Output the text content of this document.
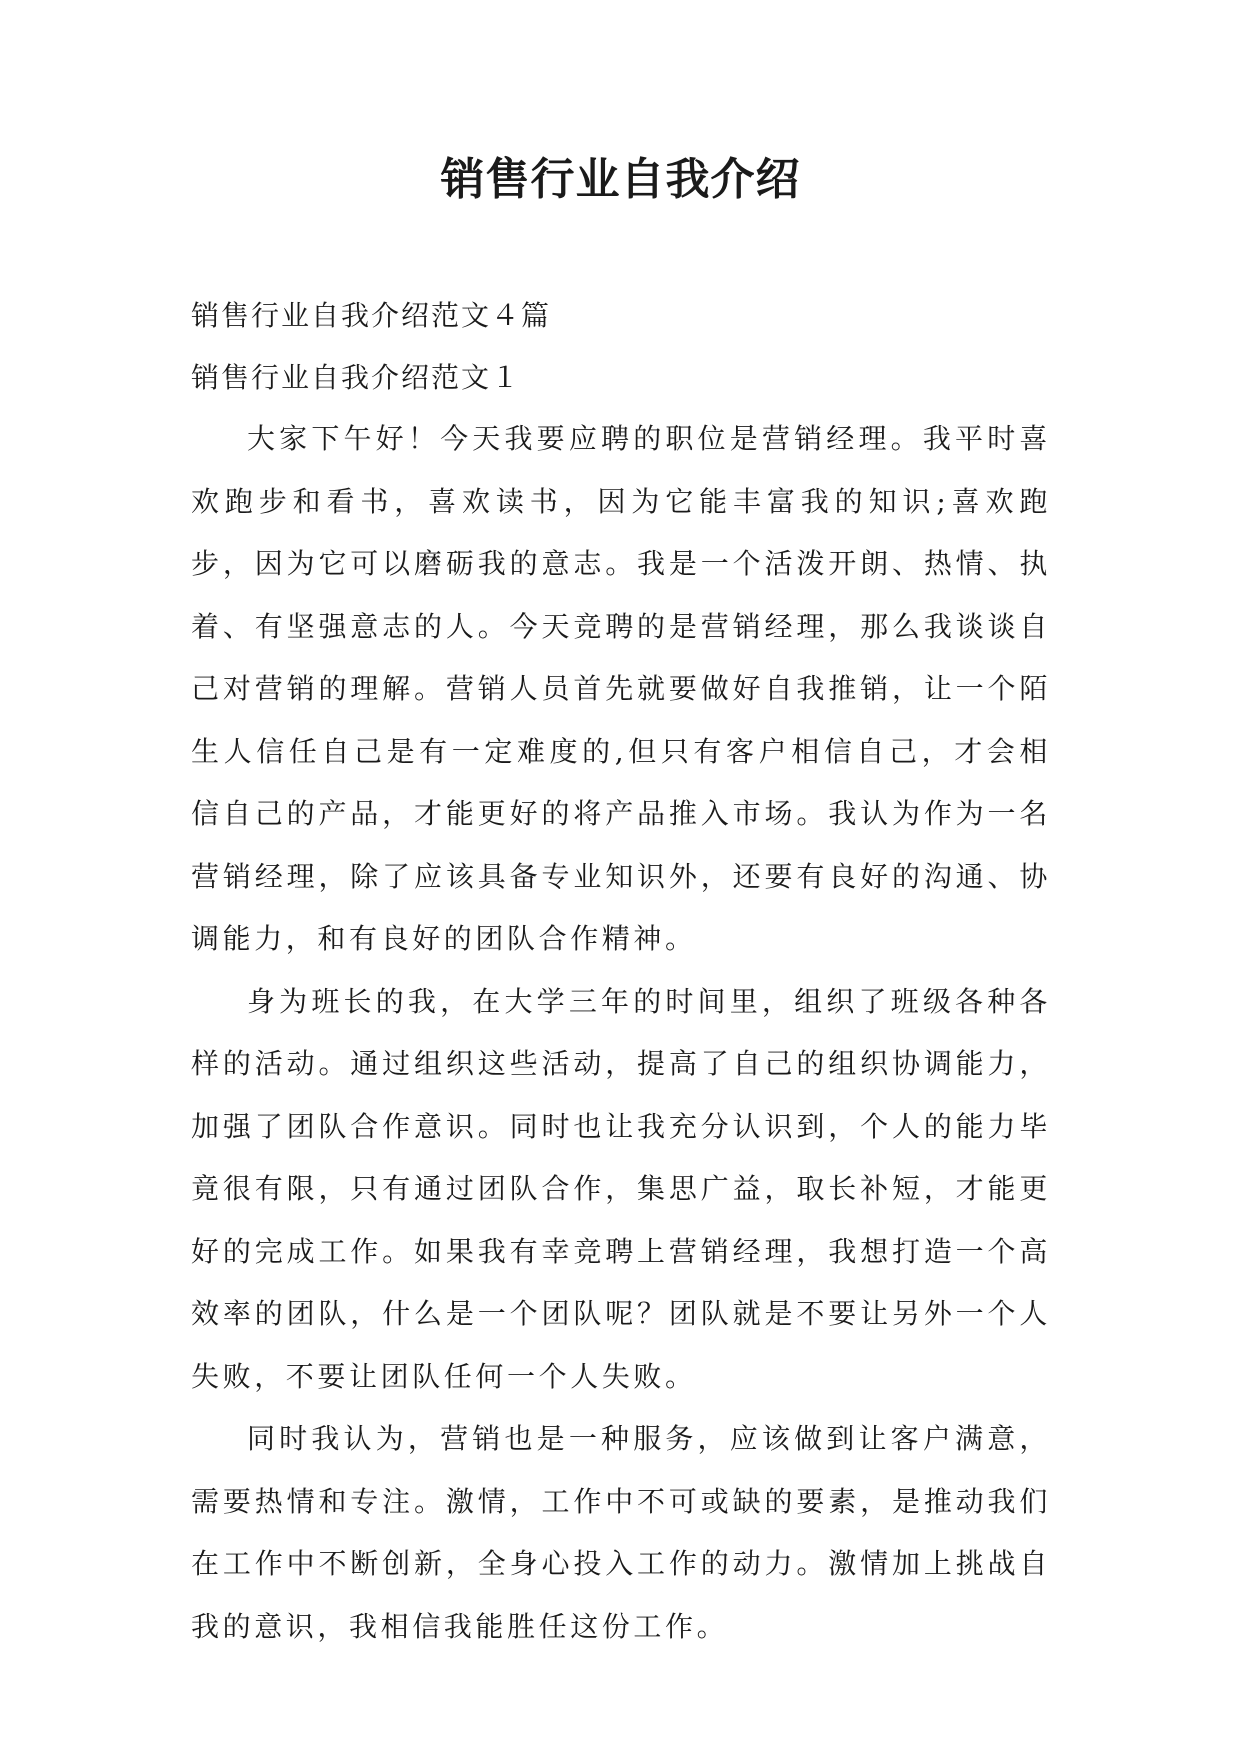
销售行业自我介绍

销售行业自我介绍范文４篇

销售行业自我介绍范文１

大家下午好！今天我要应聘的职位是营销经理。我平时喜欢跑步和看书，喜欢读书，因为它能丰富我的知识;喜欢跑步，因为它可以磨砺我的意志。我是一个活泼开朗、热情、执着、有坚强意志的人。今天竞聘的是营销经理，那么我谈谈自己对营销的理解。营销人员首先就要做好自我推销，让一个陌生人信任自己是有一定难度的,但只有客户相信自己，才会相信自己的产品，才能更好的将产品推入市场。我认为作为一名营销经理，除了应该具备专业知识外，还要有良好的沟通、协调能力，和有良好的团队合作精神。

身为班长的我，在大学三年的时间里，组织了班级各种各样的活动。通过组织这些活动，提高了自己的组织协调能力，加强了团队合作意识。同时也让我充分认识到，个人的能力毕竟很有限，只有通过团队合作，集思广益，取长补短，才能更好的完成工作。如果我有幸竞聘上营销经理，我想打造一个高效率的团队，什么是一个团队呢？团队就是不要让另外一个人失败，不要让团队任何一个人失败。

同时我认为，营销也是一种服务，应该做到让客户满意，需要热情和专注。激情，工作中不可或缺的要素，是推动我们在工作中不断创新，全身心投入工作的动力。激情加上挑战自我的意识，我相信我能胜任这份工作。
